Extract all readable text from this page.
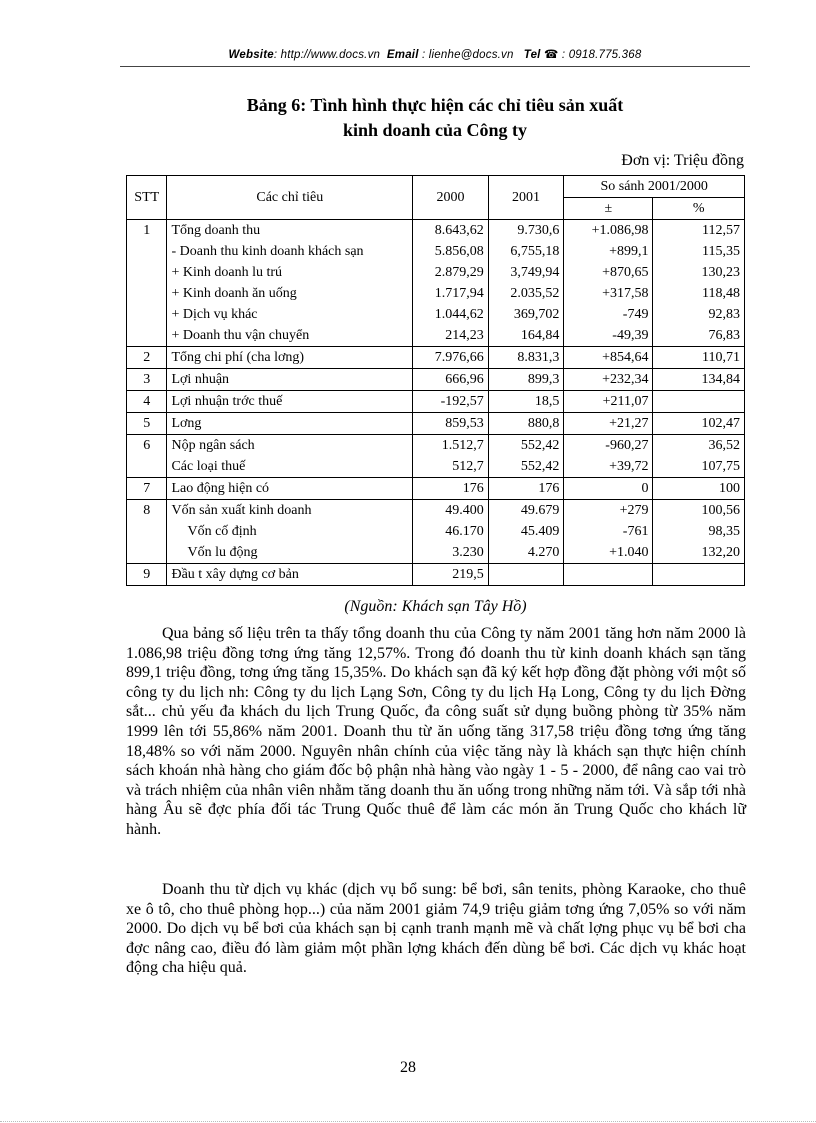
Website: http://www.docs.vn Email : lienhe@docs.vn Tel ☎ : 0918.775.368
Bảng 6: Tình hình thực hiện các chỉ tiêu sản xuất
kinh doanh của Công ty
Đơn vị: Triệu đồng
STT	Các chỉ tiêu	2000	2001	So sánh 2001/2000	
				±	%
1	Tổng doanh thu	8.643,62	9.730,6	+1.086,98	112,57
	- Doanh thu kinh doanh khách sạn	5.856,08	6,755,18	+899,1	115,35
	+ Kinh doanh lu trú	2.879,29	3,749,94	+870,65	130,23
	+ Kinh doanh ăn uống	1.717,94	2.035,52	+317,58	118,48
	+ Dịch vụ khác	1.044,62	369,702	-749	92,83
	+ Doanh thu vận chuyển	214,23	164,84	-49,39	76,83
2	Tổng chi phí (cha lơng)	7.976,66	8.831,3	+854,64	110,71
3	Lợi nhuận	666,96	899,3	+232,34	134,84
4	Lợi nhuận trớc thuế	-192,57	18,5	+211,07	
5	Lơng	859,53	880,8	+21,27	102,47
6	Nộp ngân sách	1.512,7	552,42	-960,27	36,52
	Các loại thuế	512,7	552,42	+39,72	107,75
7	Lao động hiện có	176	176	0	100
8	Vốn sản xuất kinh doanh	49.400	49.679	+279	100,56
	Vốn cố định	46.170	45.409	-761	98,35
	Vốn lu động	3.230	4.270	+1.040	132,20
9	Đầu t xây dựng cơ bản	219,5			
(Nguồn: Khách sạn Tây Hồ)

Qua bảng số liệu trên ta thấy tổng doanh thu của Công ty năm 2001 tăng hơn năm 2000 là 1.086,98 triệu đồng tơng ứng tăng 12,57%. Trong đó doanh thu từ kinh doanh khách sạn tăng 899,1 triệu đồng, tơng ứng tăng 15,35%. Do khách sạn đã ký kết hợp đồng đặt phòng với một số công ty du lịch nh: Công ty du lịch Lạng Sơn, Công ty du lịch Hạ Long, Công ty du lịch Đờng sắt... chủ yếu đa khách du lịch Trung Quốc, đa công suất sử dụng buồng phòng từ 35% năm 1999 lên tới 55,86% năm 2001. Doanh thu từ ăn uống tăng 317,58 triệu đồng tơng ứng tăng 18,48% so với năm 2000. Nguyên nhân chính của việc tăng này là khách sạn thực hiện chính sách khoán nhà hàng cho giám đốc bộ phận nhà hàng vào ngày 1 - 5 - 2000, để nâng cao vai trò và trách nhiệm của nhân viên nhằm tăng doanh thu ăn uống trong những năm tới. Và sắp tới nhà hàng Âu sẽ đợc phía đối tác Trung Quốc thuê để làm các món ăn Trung Quốc cho khách lữ hành.

Doanh thu từ dịch vụ khác (dịch vụ bổ sung: bể bơi, sân tenits, phòng Karaoke, cho thuê xe ô tô, cho thuê phòng họp...) của năm 2001 giảm 74,9 triệu giảm tơng ứng 7,05% so với năm 2000. Do dịch vụ bể bơi của khách sạn bị cạnh tranh mạnh mẽ và chất lợng phục vụ bể bơi cha đợc nâng cao, điều đó làm giảm một phần lợng khách đến dùng bể bơi. Các dịch vụ khác hoạt động cha hiệu quả.

28
